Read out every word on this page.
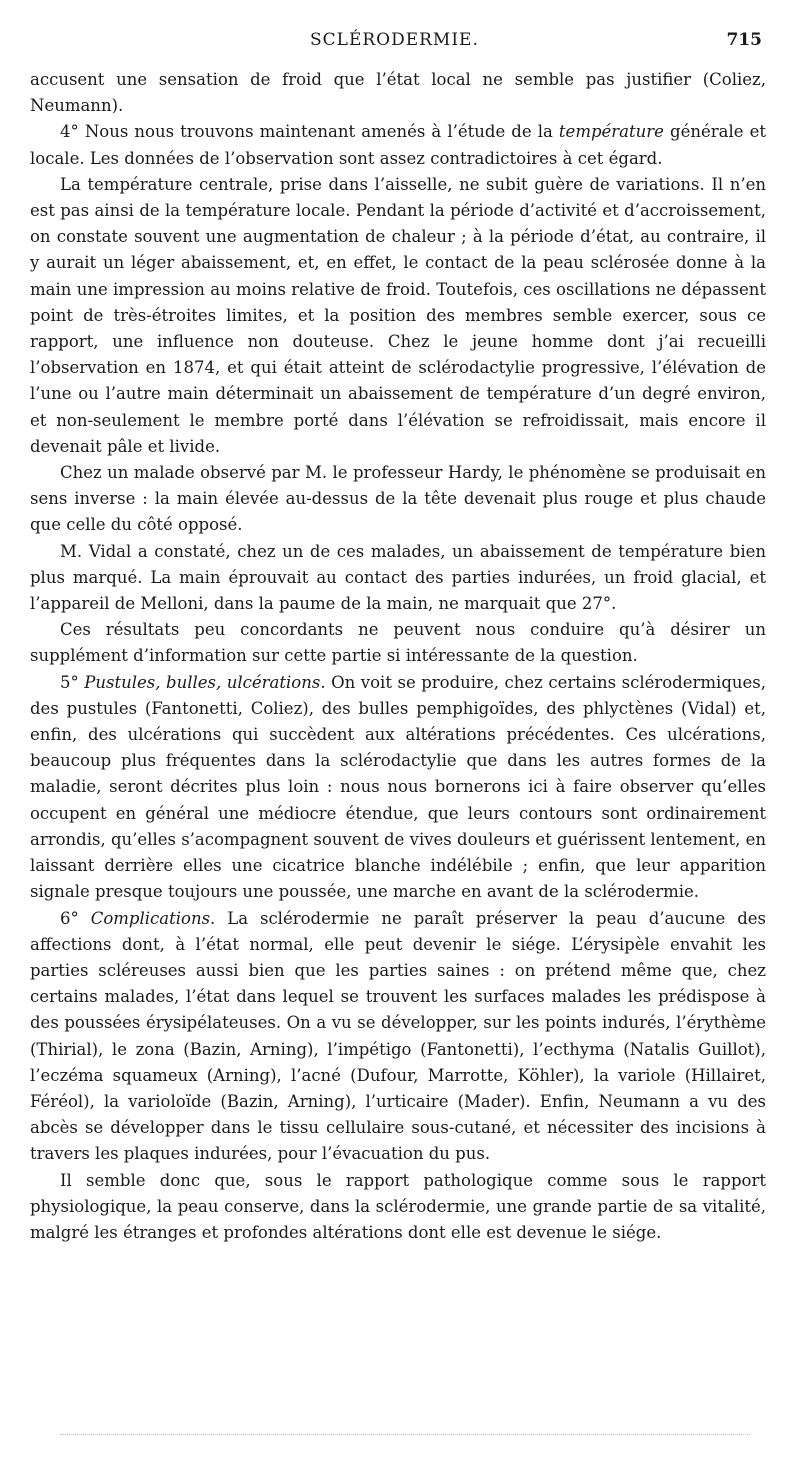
SCLÉRODERMIE.	715

accusent une sensation de froid que l’état local ne semble pas justifier (Coliez, Neumann).

4° Nous nous trouvons maintenant amenés à l’étude de la température générale et locale. Les données de l’observation sont assez contradictoires à cet égard.

La température centrale, prise dans l’aisselle, ne subit guère de variations. Il n’en est pas ainsi de la température locale. Pendant la période d’activité et d’accroissement, on constate souvent une augmentation de chaleur ; à la période d’état, au contraire, il y aurait un léger abaissement, et, en effet, le contact de la peau sclérosée donne à la main une impression au moins relative de froid. Toutefois, ces oscillations ne dépassent point de très-étroites limites, et la position des membres semble exercer, sous ce rapport, une influence non douteuse. Chez le jeune homme dont j’ai recueilli l’observation en 1874, et qui était atteint de sclérodactylie progressive, l’élévation de l’une ou l’autre main déterminait un abaissement de température d’un degré environ, et non-seulement le membre porté dans l’élévation se refroidissait, mais encore il devenait pâle et livide.

Chez un malade observé par M. le professeur Hardy, le phénomène se produisait en sens inverse : la main élevée au-dessus de la tête devenait plus rouge et plus chaude que celle du côté opposé.

M. Vidal a constaté, chez un de ces malades, un abaissement de température bien plus marqué. La main éprouvait au contact des parties indurées, un froid glacial, et l’appareil de Melloni, dans la paume de la main, ne marquait que 27°.

Ces résultats peu concordants ne peuvent nous conduire qu’à désirer un supplément d’information sur cette partie si intéressante de la question.

5° Pustules, bulles, ulcérations. On voit se produire, chez certains sclérodermiques, des pustules (Fantonetti, Coliez), des bulles pemphigoïdes, des phlyctènes (Vidal) et, enfin, des ulcérations qui succèdent aux altérations précédentes. Ces ulcérations, beaucoup plus fréquentes dans la sclérodactylie que dans les autres formes de la maladie, seront décrites plus loin : nous nous bornerons ici à faire observer qu’elles occupent en général une médiocre étendue, que leurs contours sont ordinairement arrondis, qu’elles s’acompagnent souvent de vives douleurs et guérissent lentement, en laissant derrière elles une cicatrice blanche indélébile ; enfin, que leur apparition signale presque toujours une poussée, une marche en avant de la sclérodermie.

6° Complications. La sclérodermie ne paraît préserver la peau d’aucune des affections dont, à l’état normal, elle peut devenir le siége. L’érysipèle envahit les parties scléreuses aussi bien que les parties saines : on prétend même que, chez certains malades, l’état dans lequel se trouvent les surfaces malades les prédispose à des poussées érysipélateuses. On a vu se développer, sur les points indurés, l’érythème (Thirial), le zona (Bazin, Arning), l’impétigo (Fantonetti), l’ecthyma (Natalis Guillot), l’eczéma squameux (Arning), l’acné (Dufour, Marrotte, Köhler), la variole (Hillairet, Féréol), la varioloïde (Bazin, Arning), l’urticaire (Mader). Enfin, Neumann a vu des abcès se développer dans le tissu cellulaire sous-cutané, et nécessiter des incisions à travers les plaques indurées, pour l’évacuation du pus.

Il semble donc que, sous le rapport pathologique comme sous le rapport physiologique, la peau conserve, dans la sclérodermie, une grande partie de sa vitalité, malgré les étranges et profondes altérations dont elle est devenue le siége.
